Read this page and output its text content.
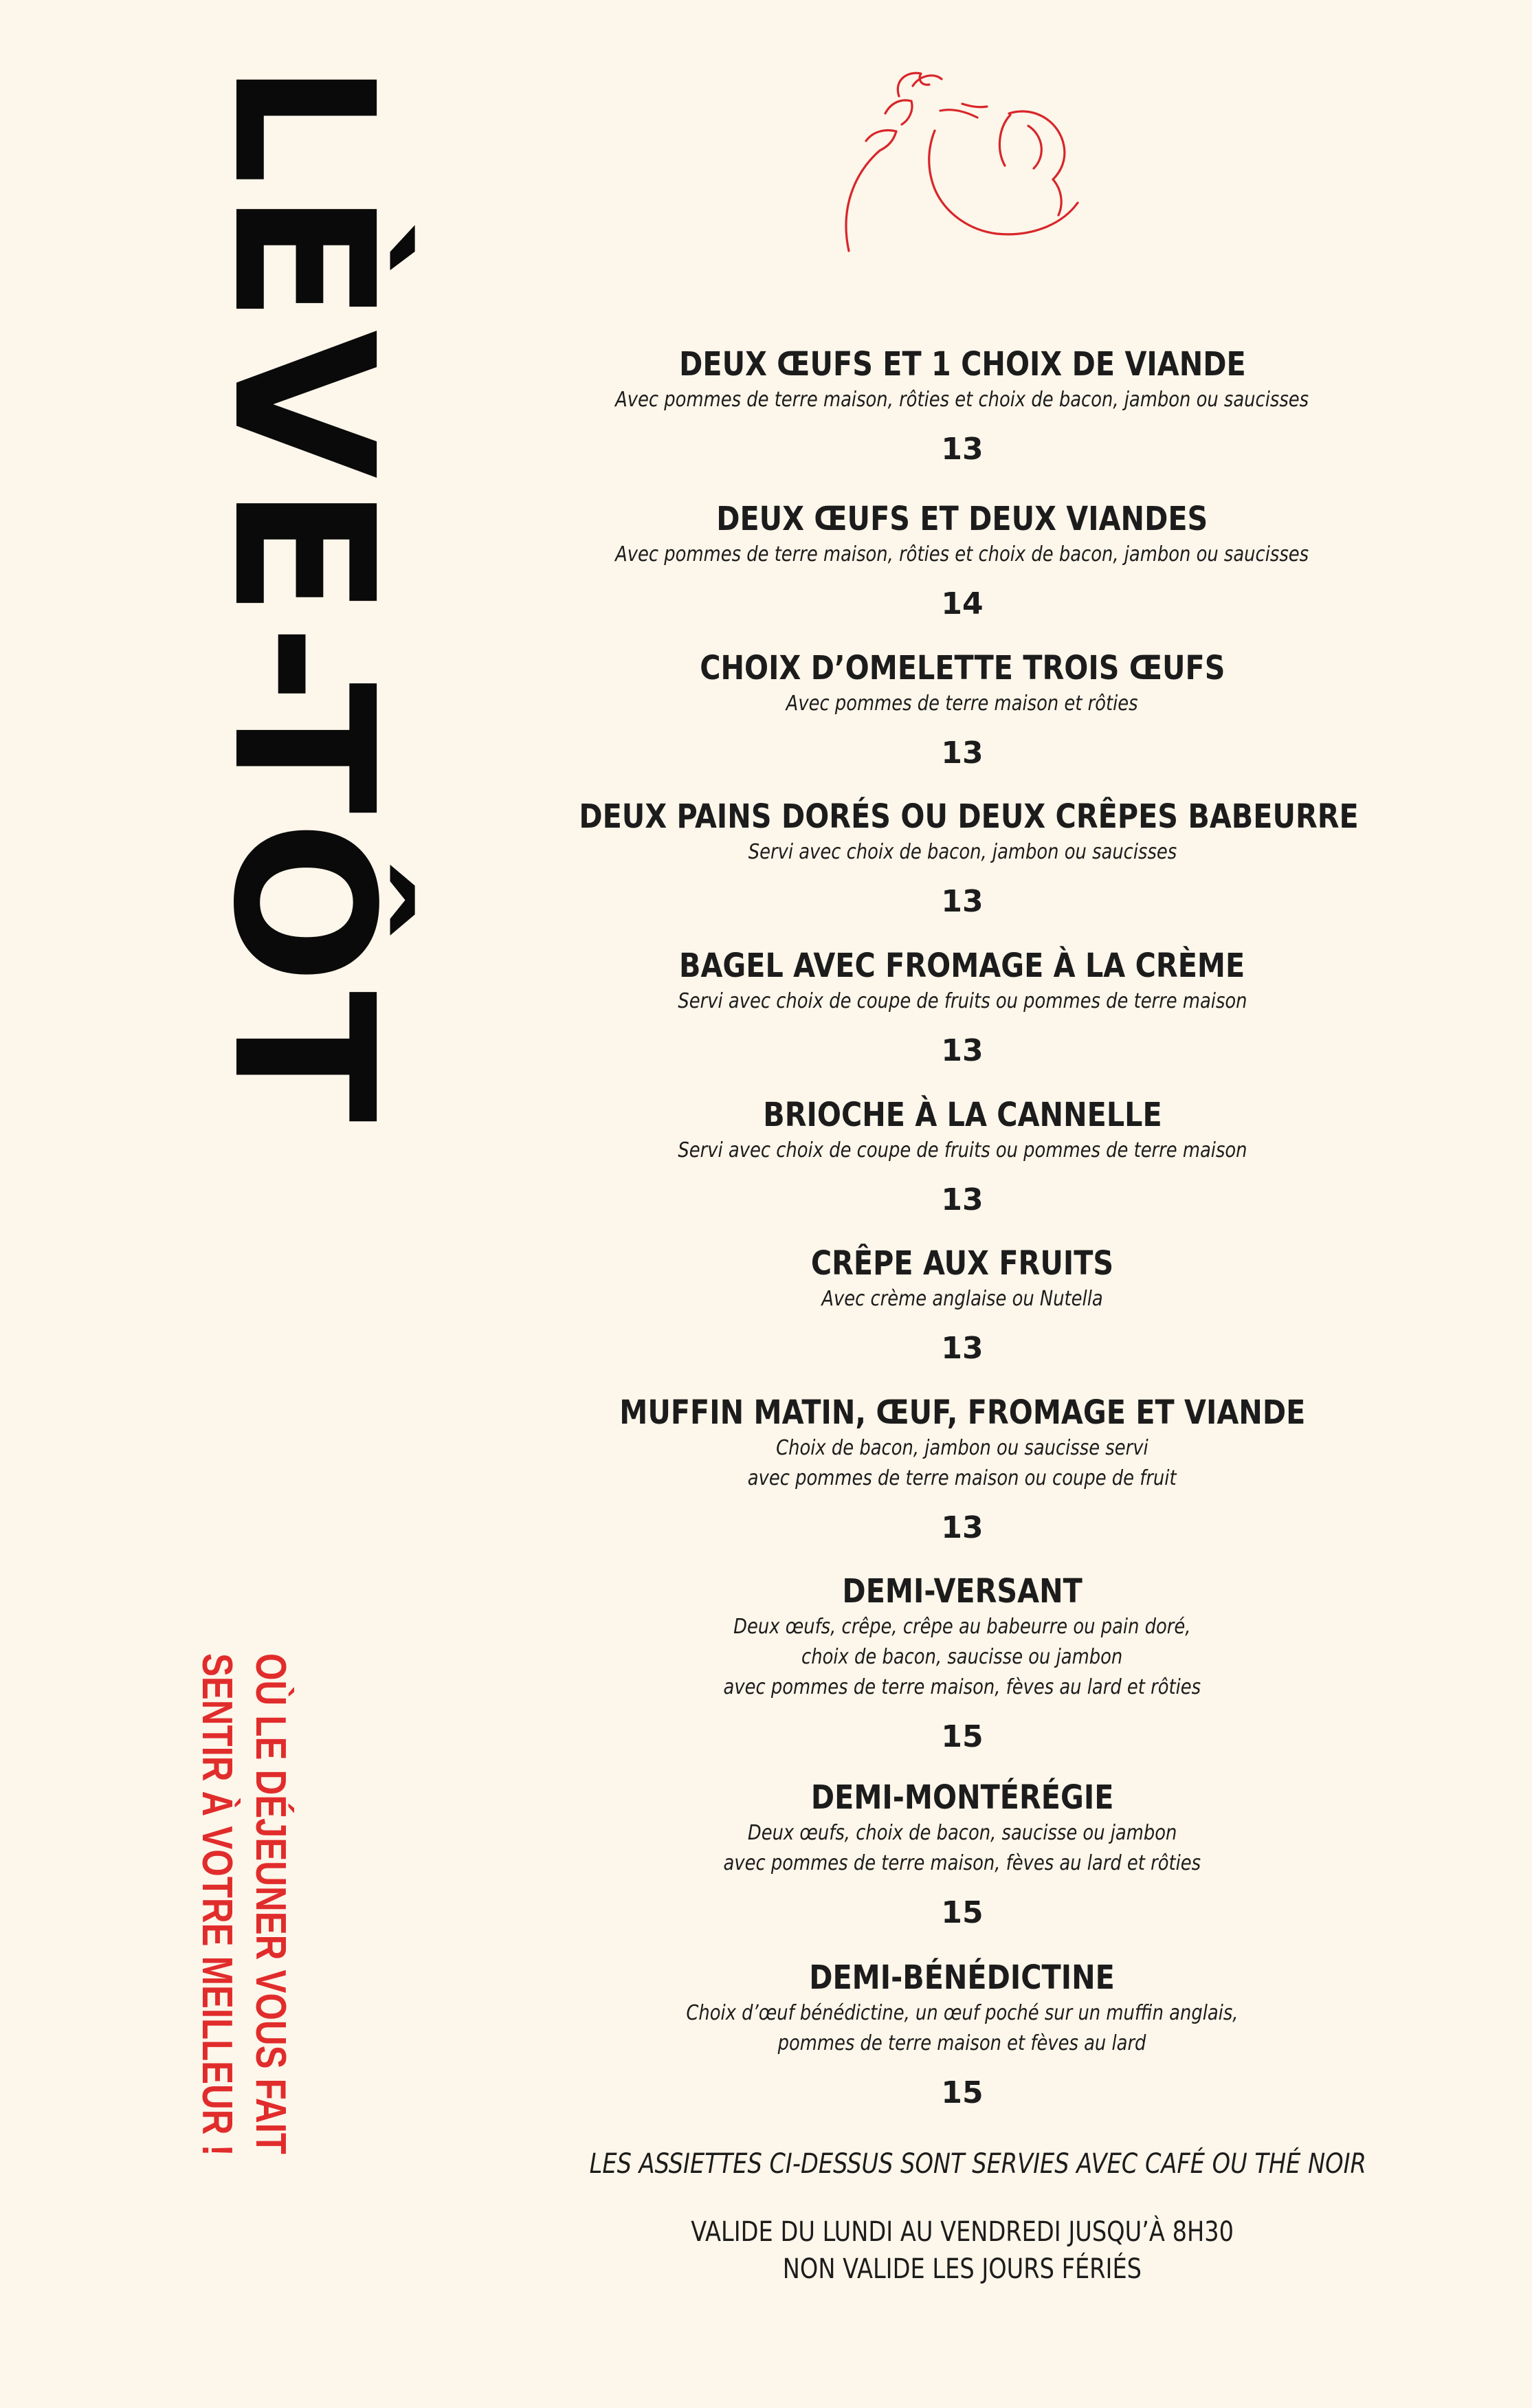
LÈVE-TÔT
OÙ LE DÉJEUNER VOUS FAIT
SENTIR À VOTRE MEILLEUR !
DEUX ŒUFS ET 1 CHOIX DE VIANDE
Avec pommes de terre maison, rôties et choix de bacon, jambon ou saucisses
13
DEUX ŒUFS ET DEUX VIANDES
Avec pommes de terre maison, rôties et choix de bacon, jambon ou saucisses
14
CHOIX D’OMELETTE TROIS ŒUFS
Avec pommes de terre maison et rôties
13
DEUX PAINS DORÉS OU DEUX CRÊPES BABEURRE
Servi avec choix de bacon, jambon ou saucisses
13
BAGEL AVEC FROMAGE À LA CRÈME
Servi avec choix de coupe de fruits ou pommes de terre maison
13
BRIOCHE À LA CANNELLE
Servi avec choix de coupe de fruits ou pommes de terre maison
13
CRÊPE AUX FRUITS
Avec crème anglaise ou Nutella
13
MUFFIN MATIN, ŒUF, FROMAGE ET VIANDE
Choix de bacon, jambon ou saucisse servi
avec pommes de terre maison ou coupe de fruit
13
DEMI-VERSANT
Deux œufs, crêpe, crêpe au babeurre ou pain doré,
choix de bacon, saucisse ou jambon
avec pommes de terre maison, fèves au lard et rôties
15
DEMI-MONTÉRÉGIE
Deux œufs, choix de bacon, saucisse ou jambon
avec pommes de terre maison, fèves au lard et rôties
15
DEMI-BÉNÉDICTINE
Choix d’œuf bénédictine, un œuf poché sur un muffin anglais,
pommes de terre maison et fèves au lard
15
LES ASSIETTES CI-DESSUS SONT SERVIES AVEC CAFÉ OU THÉ NOIR
VALIDE DU LUNDI AU VENDREDI JUSQU’À 8H30
NON VALIDE LES JOURS FÉRIÉS
